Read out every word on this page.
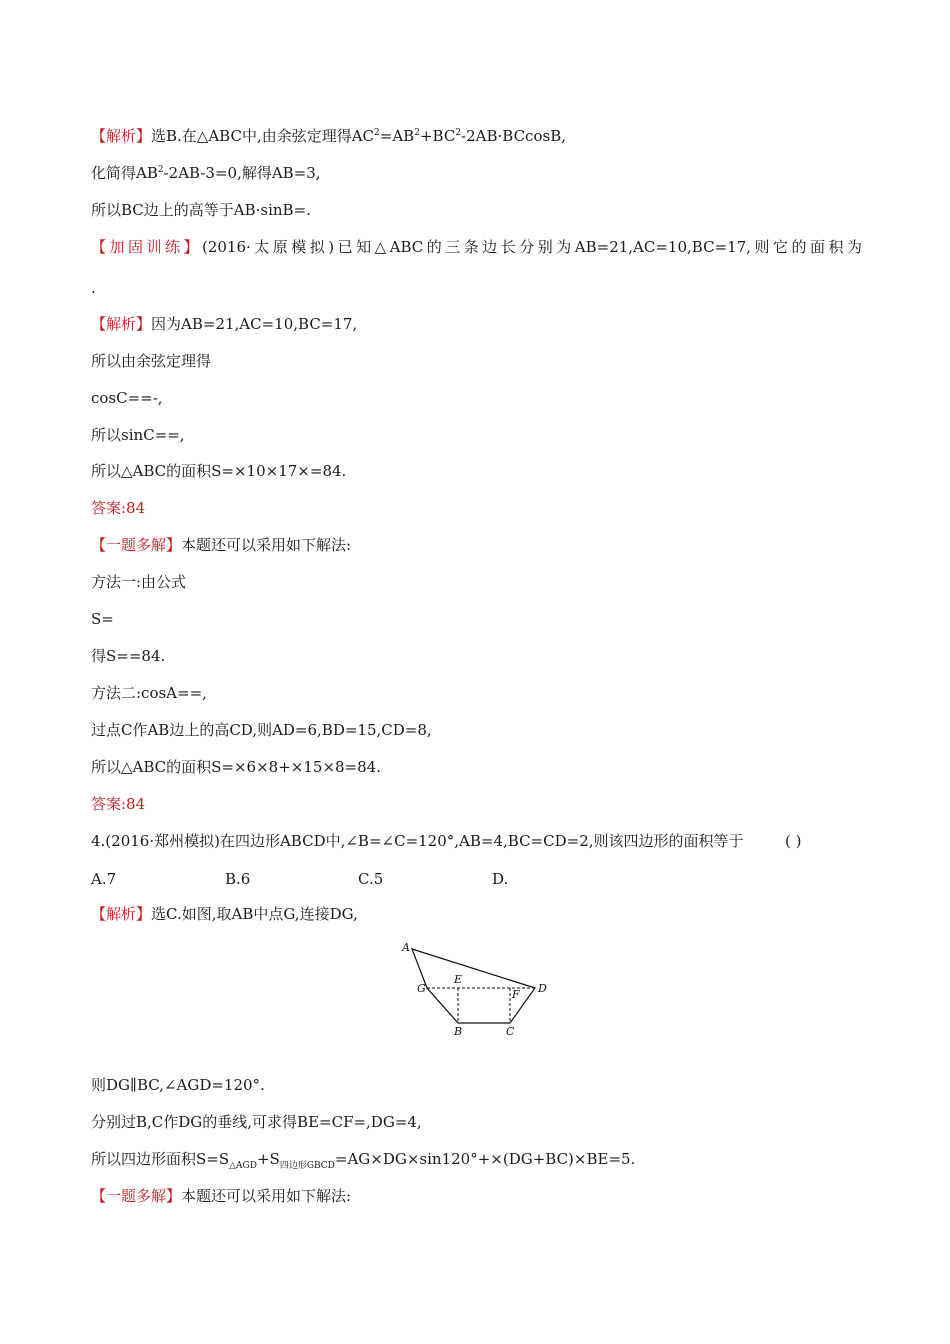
【解析】选B.在△ABC中,由余弦定理得$AC^2=AB^2+BC^2-2AB\cdot BCcosB$,
化简得$AB^2-2AB-3=0$,解得AB=3,
所以BC边上的高等于AB·sinB=.
【加固训练】(2016·太原模拟)已知△ABC的三条边长分别为AB=21,AC=10,BC=17,则它的面积为
.
【解析】因为AB=21,AC=10,BC=17,
所以由余弦定理得
cosC==-,
所以sinC==,
所以△ABC的面积S=×10×17×=84.
答案:84
【一题多解】本题还可以采用如下解法:
方法一:由公式
S=
得S==84.
方法二:cosA==,
过点C作AB边上的高CD,则AD=6,BD=15,CD=8,
所以△ABC的面积S=×6×8+×15×8=84.
答案:84
4.(2016·郑州模拟)在四边形ABCD中,∠B=∠C=120°,AB=4,BC=CD=2,则该四边形的面积等于	( )
A.7	B.6	C.5	D.
【解析】选C.如图,取AB中点G,连接DG,
A
E
G	F D
B	C
则DG∥BC,∠AGD=120°.
分别过B,C作DG的垂线,可求得BE=CF=,DG=4,
所以四边形面积$S=S_{\triangle AGD}+S_{四边形GBCD}=AG\times DG\times\sin 120^\circ+\times(DG+BC)\times BE=5$.
【一题多解】本题还可以采用如下解法:
